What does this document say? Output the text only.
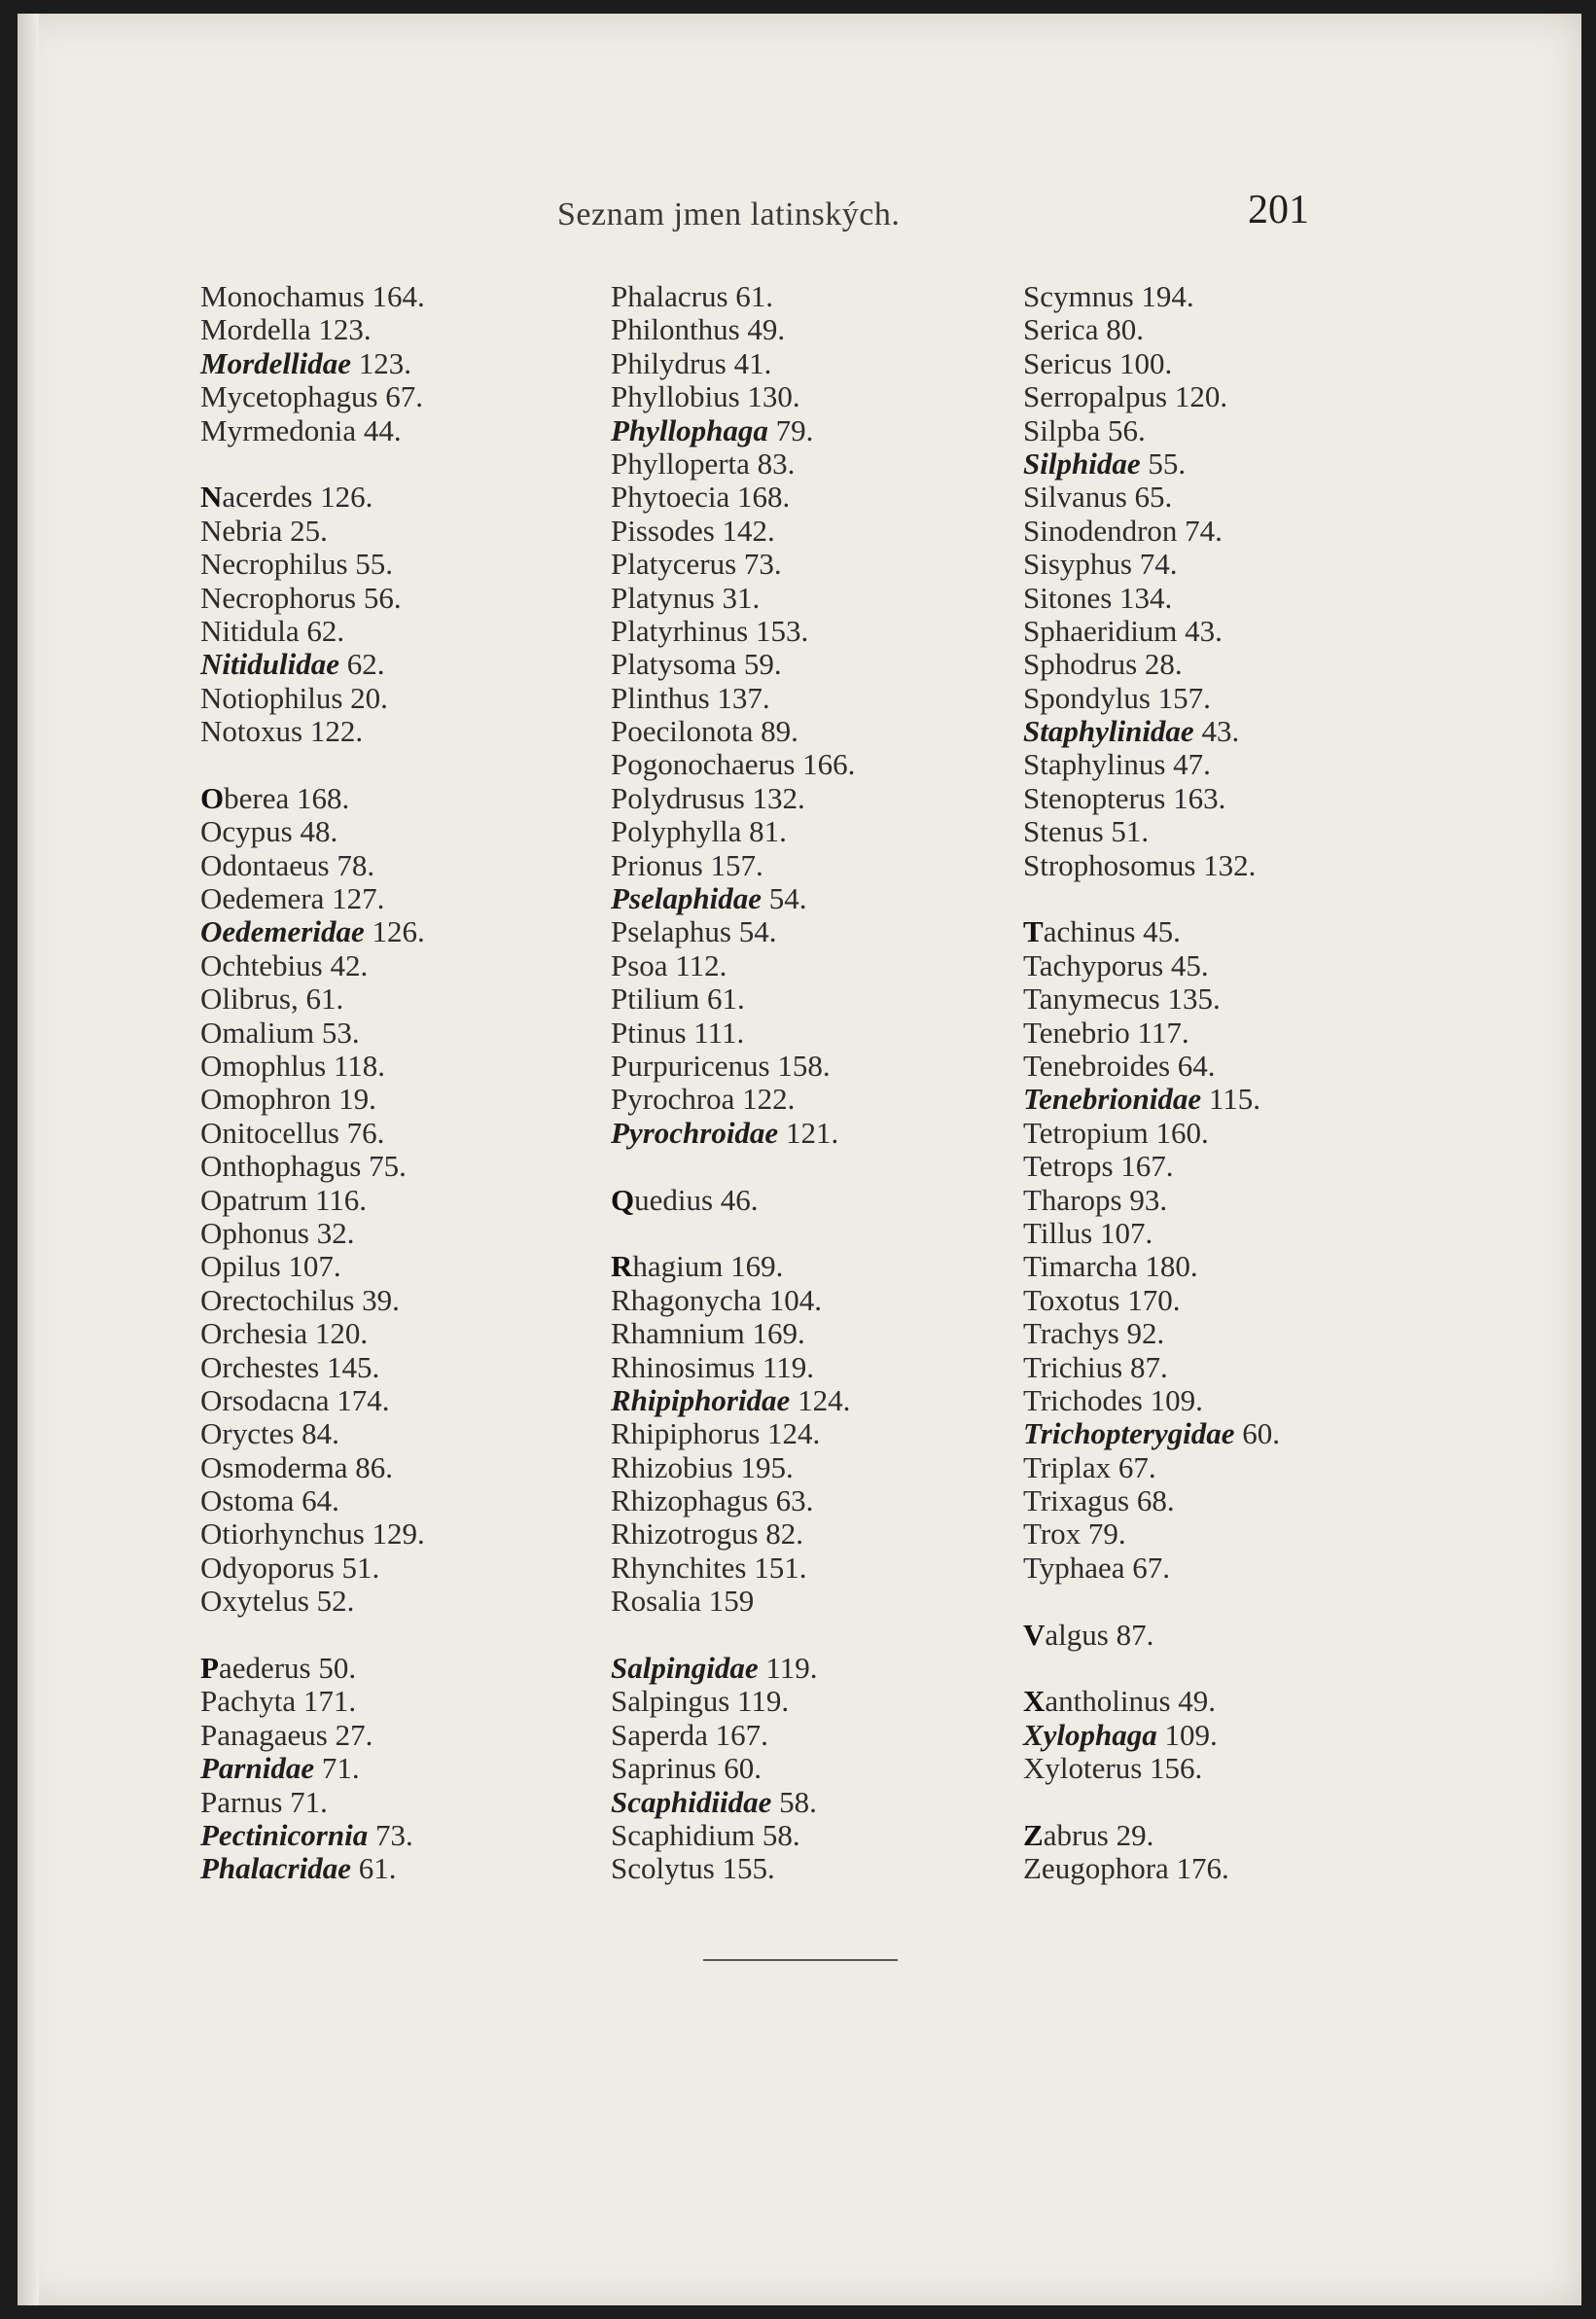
Seznam jmen latinských.	201
Monochamus 164.
Mordella 123.
Mordellidae 123.
Mycetophagus 67.
Myrmedonia 44.
Nacerdes 126.
Nebria 25.
Necrophilus 55.
Necrophorus 56.
Nitidula 62.
Nitidulidae 62.
Notiophilus 20.
Notoxus 122.
Oberea 168.
Ocypus 48.
Odontaeus 78.
Oedemera 127.
Oedemeridae 126.
Ochtebius 42.
Olibrus, 61.
Omalium 53.
Omophlus 118.
Omophron 19.
Onitocellus 76.
Onthophagus 75.
Opatrum 116.
Ophonus 32.
Opilus 107.
Orectochilus 39.
Orchesia 120.
Orchestes 145.
Orsodacna 174.
Oryctes 84.
Osmoderma 86.
Ostoma 64.
Otiorhynchus 129.
Odyoporus 51.
Oxytelus 52.
Paederus 50.
Pachyta 171.
Panagaeus 27.
Parnidae 71.
Parnus 71.
Pectinicornia 73.
Phalacridae 61.
Phalacrus 61.
Philonthus 49.
Philydrus 41.
Phyllobius 130.
Phyllophaga 79.
Phylloperta 83.
Phytoecia 168.
Pissodes 142.
Platycerus 73.
Platynus 31.
Platyrhinus 153.
Platysoma 59.
Plinthus 137.
Poecilonota 89.
Pogonochaerus 166.
Polydrusus 132.
Polyphylla 81.
Prionus 157.
Pselaphidae 54.
Pselaphus 54.
Psoa 112.
Ptilium 61.
Ptinus 111.
Purpuricenus 158.
Pyrochroa 122.
Pyrochroidae 121.
Quedius 46.
Rhagium 169.
Rhagonycha 104.
Rhamnium 169.
Rhinosimus 119.
Rhipiphoridae 124.
Rhipiphorus 124.
Rhizobius 195.
Rhizophagus 63.
Rhizotrogus 82.
Rhynchites 151.
Rosalia 159
Salpingidae 119.
Salpingus 119.
Saperda 167.
Saprinus 60.
Scaphidiidae 58.
Scaphidium 58.
Scolytus 155.
Scymnus 194.
Serica 80.
Sericus 100.
Serropalpus 120.
Silpba 56.
Silphidae 55.
Silvanus 65.
Sinodendron 74.
Sisyphus 74.
Sitones 134.
Sphaeridium 43.
Sphodrus 28.
Spondylus 157.
Staphylinidae 43.
Staphylinus 47.
Stenopterus 163.
Stenus 51.
Strophosomus 132.
Tachinus 45.
Tachyporus 45.
Tanymecus 135.
Tenebrio 117.
Tenebroides 64.
Tenebrionidae 115.
Tetropium 160.
Tetrops 167.
Tharops 93.
Tillus 107.
Timarcha 180.
Toxotus 170.
Trachys 92.
Trichius 87.
Trichodes 109.
Trichopterygidae 60.
Triplax 67.
Trixagus 68.
Trox 79.
Typhaea 67.
Valgus 87.
Xantholinus 49.
Xylophaga 109.
Xyloterus 156.
Zabrus 29.
Zeugophora 176.
